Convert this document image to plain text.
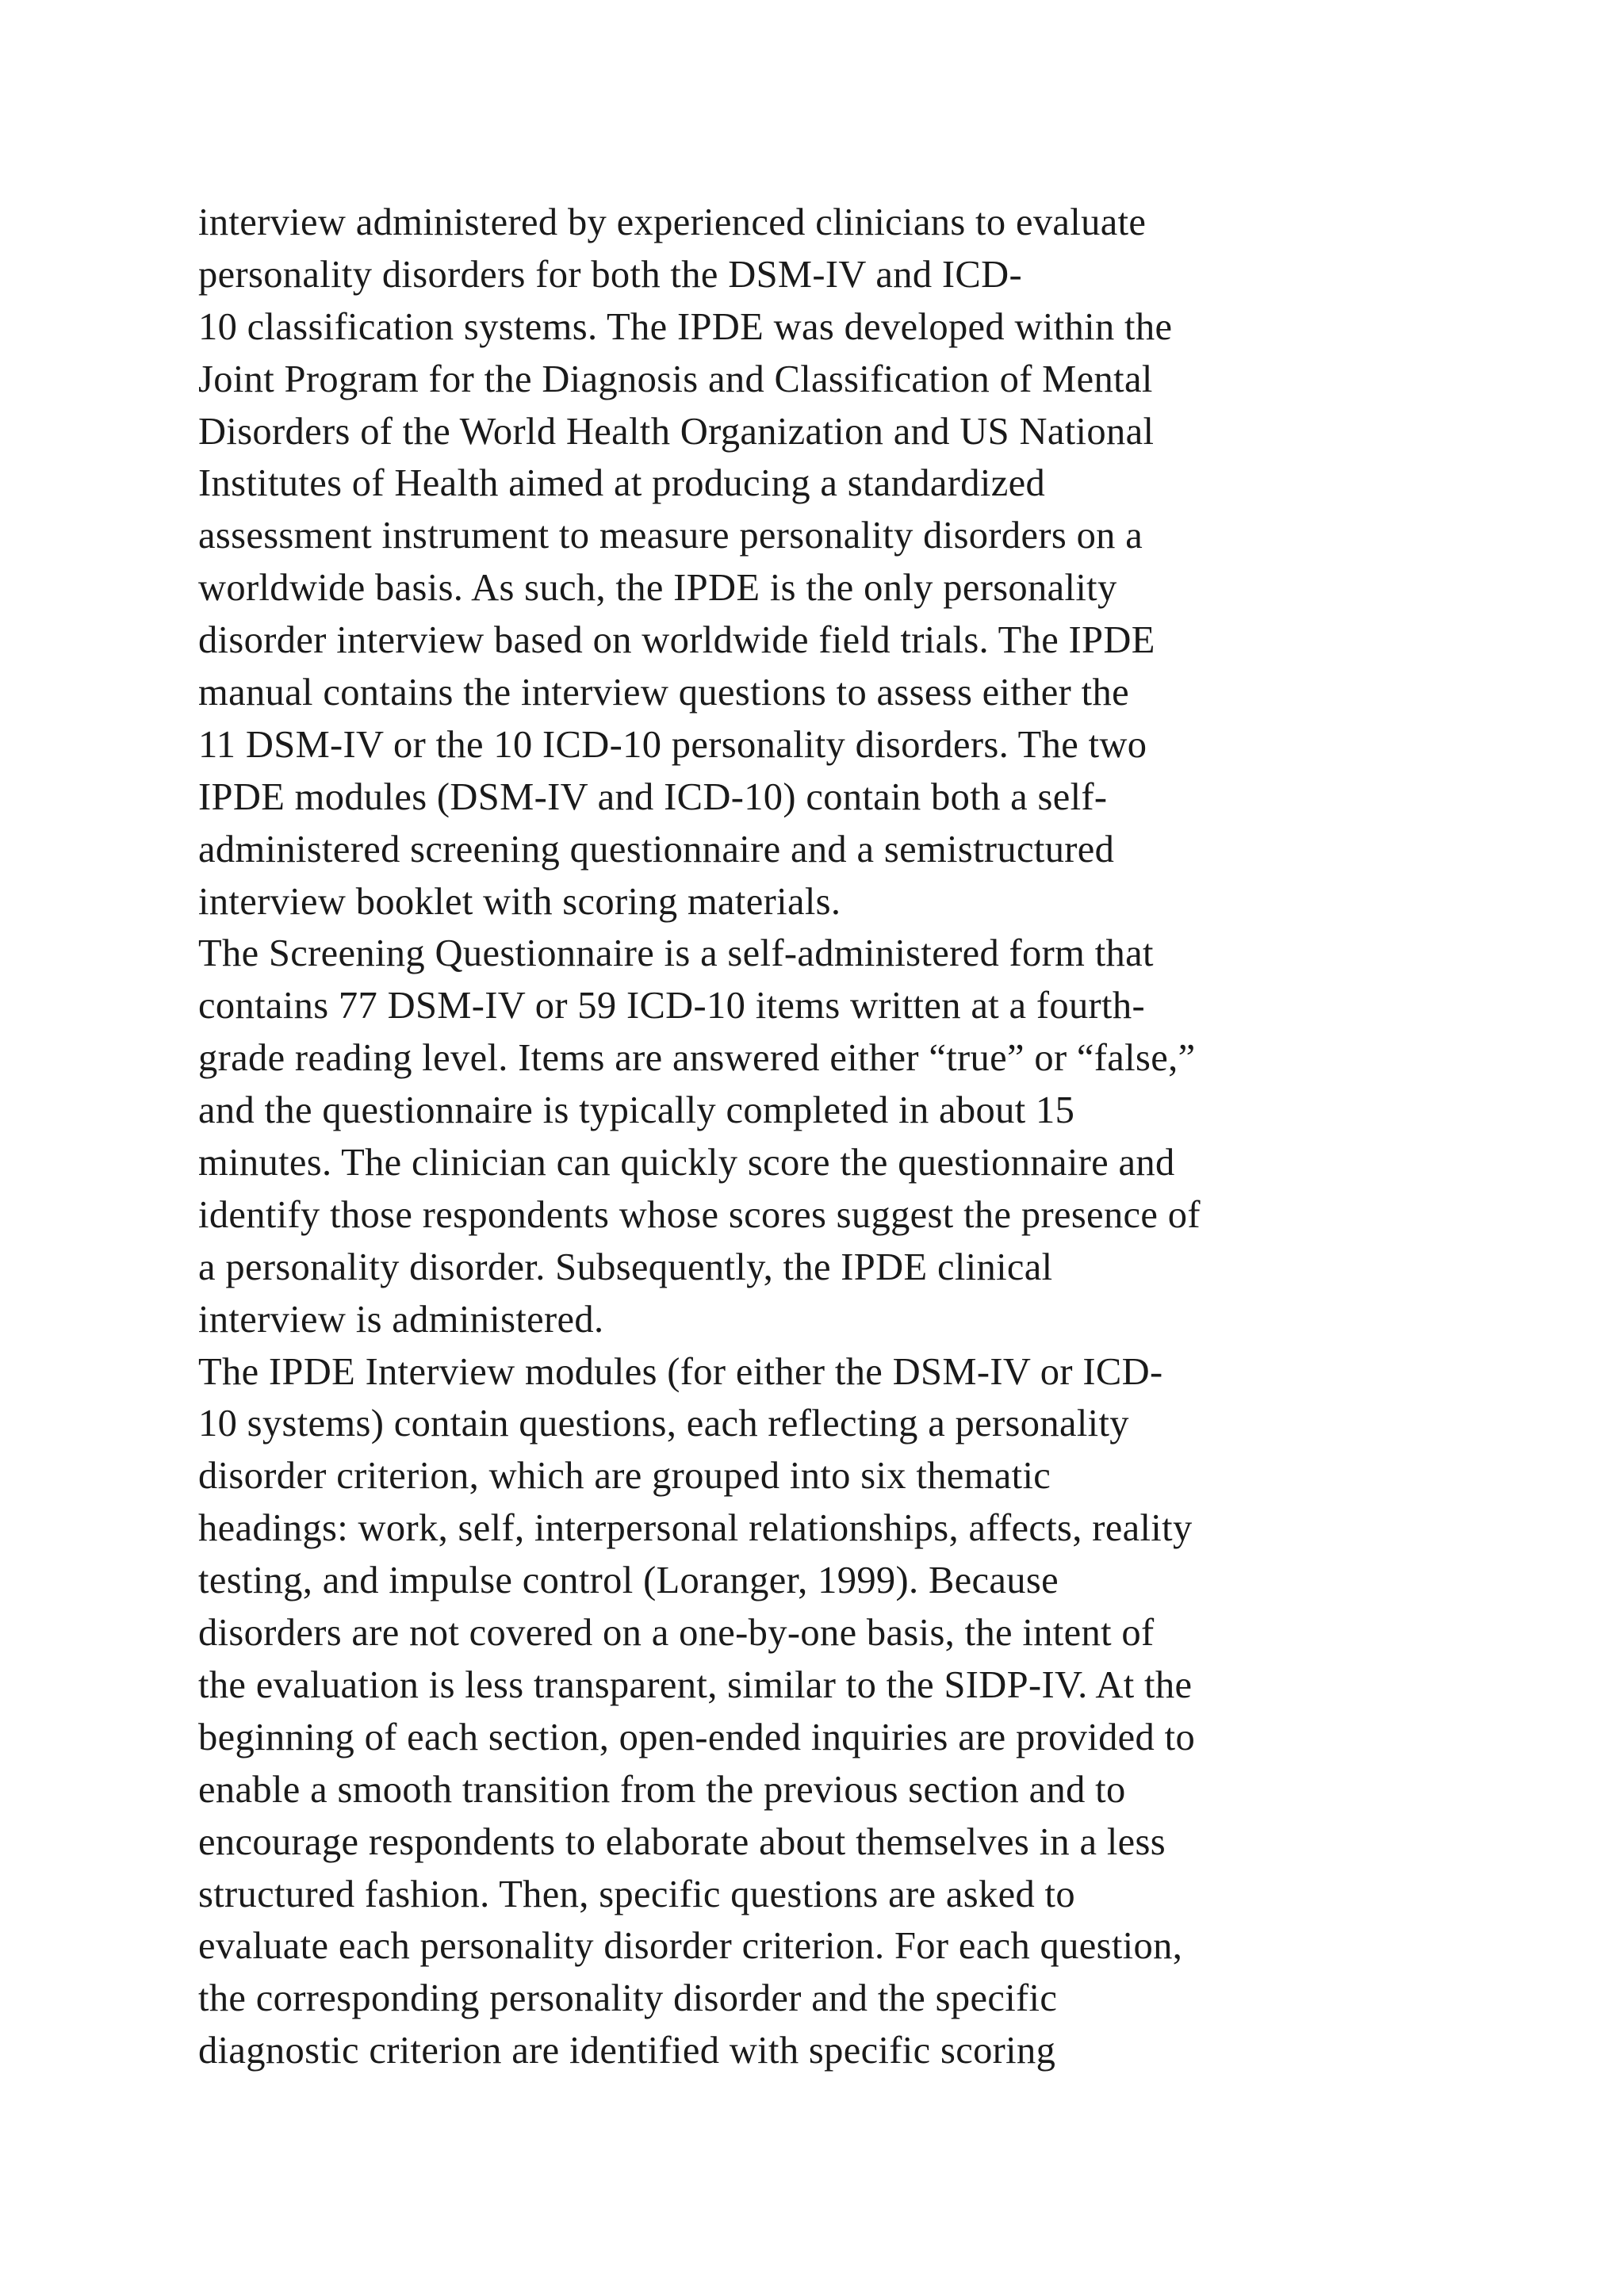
interview administered by experienced clinicians to evaluate
personality disorders for both the DSM-IV and ICD-
10 classification systems. The IPDE was developed within the
Joint Program for the Diagnosis and Classification of Mental
Disorders of the World Health Organization and US National
Institutes of Health aimed at producing a standardized
assessment instrument to measure personality disorders on a
worldwide basis. As such, the IPDE is the only personality
disorder interview based on worldwide field trials. The IPDE
manual contains the interview questions to assess either the
11 DSM-IV or the 10 ICD-10 personality disorders. The two
IPDE modules (DSM-IV and ICD-10) contain both a self-
administered screening questionnaire and a semistructured
interview booklet with scoring materials.
The Screening Questionnaire is a self-administered form that
contains 77 DSM-IV or 59 ICD-10 items written at a fourth-
grade reading level. Items are answered either “true” or “false,”
and the questionnaire is typically completed in about 15
minutes. The clinician can quickly score the questionnaire and
identify those respondents whose scores suggest the presence of
a personality disorder. Subsequently, the IPDE clinical
interview is administered.
The IPDE Interview modules (for either the DSM-IV or ICD-
10 systems) contain questions, each reflecting a personality
disorder criterion, which are grouped into six thematic
headings: work, self, interpersonal relationships, affects, reality
testing, and impulse control (Loranger, 1999). Because
disorders are not covered on a one-by-one basis, the intent of
the evaluation is less transparent, similar to the SIDP-IV. At the
beginning of each section, open-ended inquiries are provided to
enable a smooth transition from the previous section and to
encourage respondents to elaborate about themselves in a less
structured fashion. Then, specific questions are asked to
evaluate each personality disorder criterion. For each question,
the corresponding personality disorder and the specific
diagnostic criterion are identified with specific scoring
